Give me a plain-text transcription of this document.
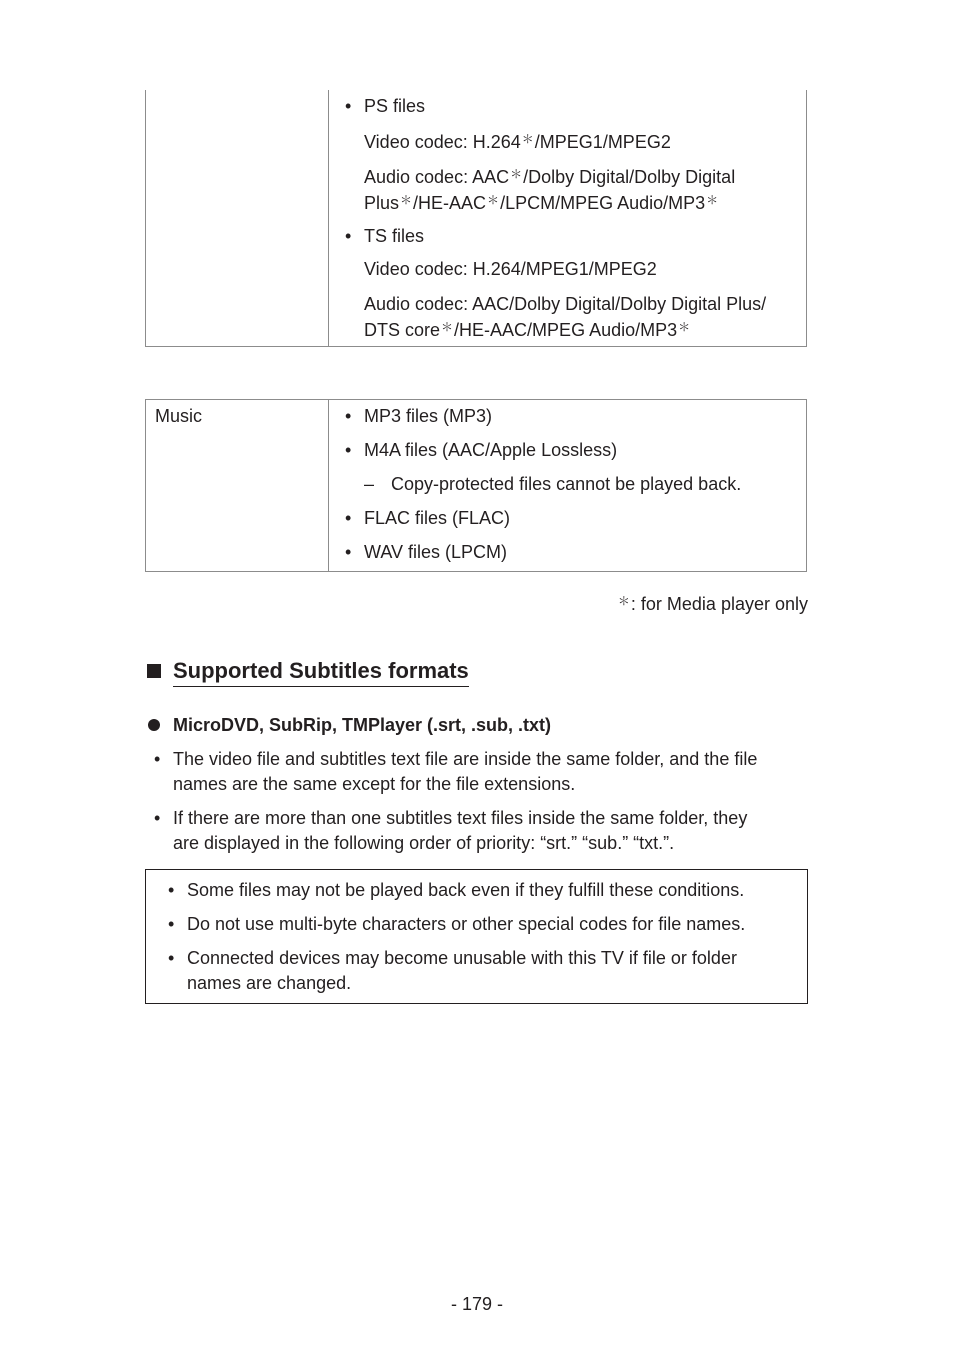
• PS files
Video codec: H.264＊/MPEG1/MPEG2
Audio codec: AAC＊/Dolby Digital/Dolby Digital
Plus＊/HE-AAC＊/LPCM/MPEG Audio/MP3＊
• TS files
Video codec: H.264/MPEG1/MPEG2
Audio codec: AAC/Dolby Digital/Dolby Digital Plus/
DTS core＊/HE-AAC/MPEG Audio/MP3＊
Music	• MP3 files (MP3)
• M4A files (AAC/Apple Lossless)
– Copy-protected files cannot be played back.
• FLAC files (FLAC)
• WAV files (LPCM)
＊: for Media player only
Supported Subtitles formats
MicroDVD, SubRip, TMPlayer (.srt, .sub, .txt)
• The video file and subtitles text file are inside the same folder, and the file
names are the same except for the file extensions.
• If there are more than one subtitles text files inside the same folder, they
are displayed in the following order of priority: “srt.” “sub.” “txt.”.
• Some files may not be played back even if they fulfill these conditions.
• Do not use multi-byte characters or other special codes for file names.
• Connected devices may become unusable with this TV if file or folder
names are changed.
- 179 -
